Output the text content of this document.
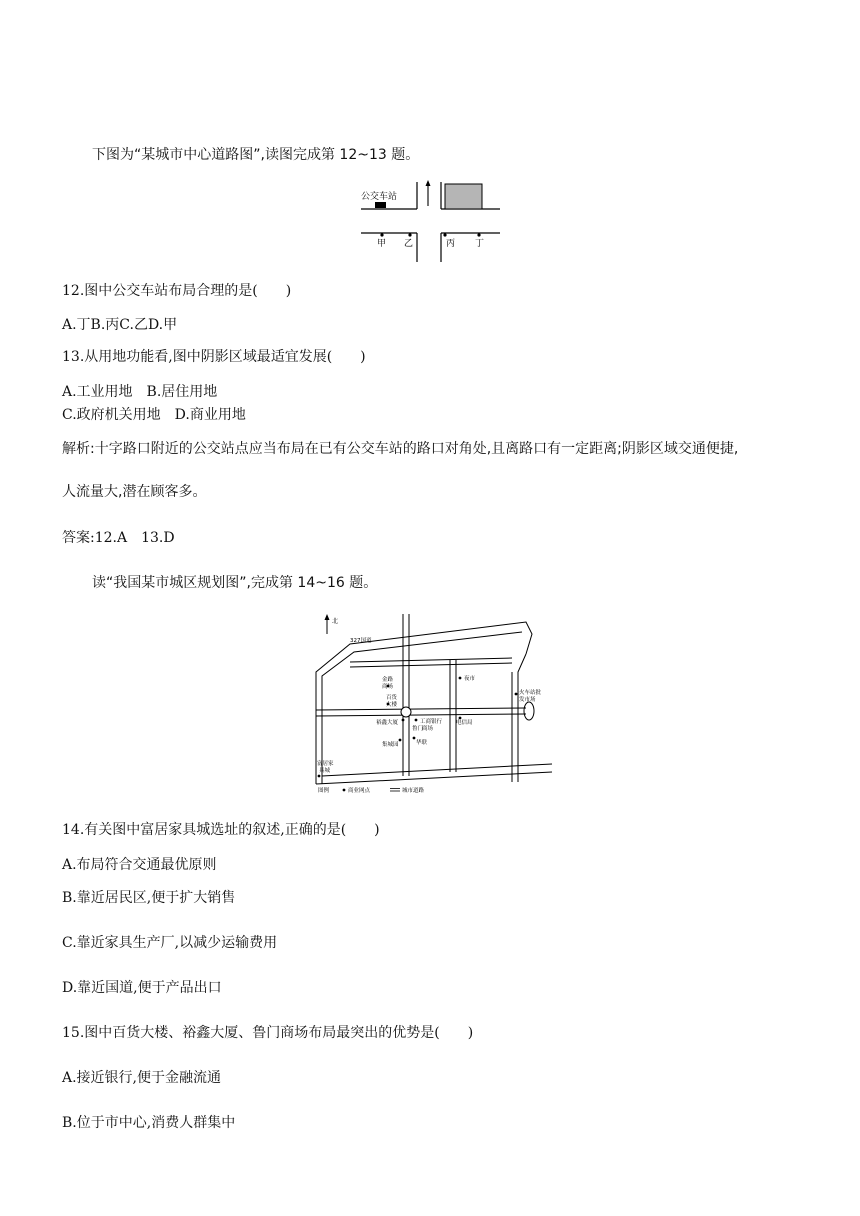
下图为“某城市中心道路图”,读图完成第 12~13 题。
公交车站
甲 乙	丙 丁
12.图中公交车站布局合理的是(　　)
A.丁B.丙C.乙D.甲
13.从用地功能看,图中阴影区域最适宜发展(　　)
A.工业用地　B.居住用地
C.政府机关用地　D.商业用地
解析:十字路口附近的公交站点应当布局在已有公交车站的路口对角处,且离路口有一定距离;阴影区域交通便捷,
人流量大,潜在顾客多。
答案:12.A　13.D
读“我国某市城区规划图”,完成第 14~16 题。
北
327国道
金路
商场
百货
大楼
夜市
火车站批
发市场
裕鑫大厦	工商银行
鲁门
商场
电信局
集城园	华联
富居家
具城
图例	商业网点	城市道路
14.有关图中富居家具城选址的叙述,正确的是(　　)
A.布局符合交通最优原则
B.靠近居民区,便于扩大销售
C.靠近家具生产厂,以减少运输费用
D.靠近国道,便于产品出口
15.图中百货大楼、裕鑫大厦、鲁门商场布局最突出的优势是(　　)
A.接近银行,便于金融流通
B.位于市中心,消费人群集中
